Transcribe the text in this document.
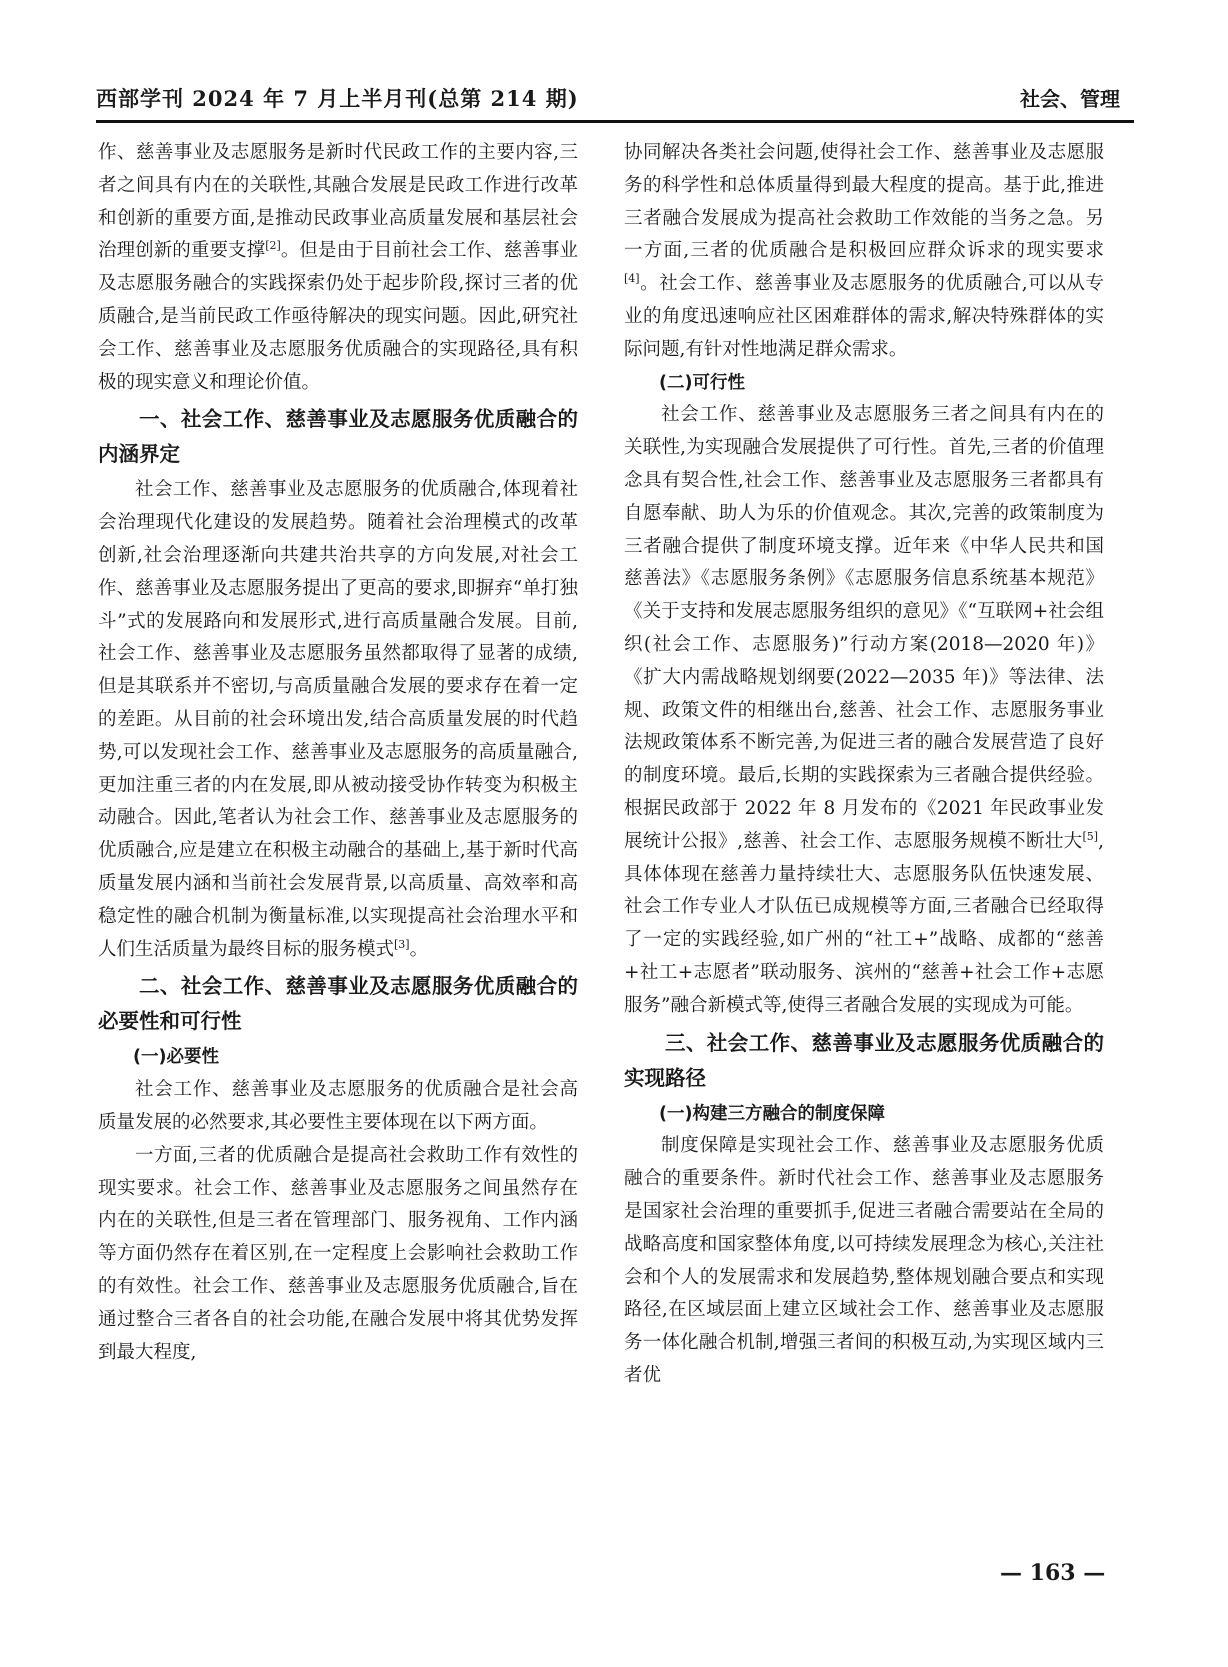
西部学刊 2024 年 7 月上半月刊(总第 214 期)	社会、管理

作、慈善事业及志愿服务是新时代民政工作的主要内容,三者之间具有内在的关联性,其融合发展是民政工作进行改革和创新的重要方面,是推动民政事业高质量发展和基层社会治理创新的重要支撑[2]。但是由于目前社会工作、慈善事业及志愿服务融合的实践探索仍处于起步阶段,探讨三者的优质融合,是当前民政工作亟待解决的现实问题。因此,研究社会工作、慈善事业及志愿服务优质融合的实现路径,具有积极的现实意义和理论价值。

一、社会工作、慈善事业及志愿服务优质融合的内涵界定

社会工作、慈善事业及志愿服务的优质融合,体现着社会治理现代化建设的发展趋势。随着社会治理模式的改革创新,社会治理逐渐向共建共治共享的方向发展,对社会工作、慈善事业及志愿服务提出了更高的要求,即摒弃“单打独斗”式的发展路向和发展形式,进行高质量融合发展。目前,社会工作、慈善事业及志愿服务虽然都取得了显著的成绩,但是其联系并不密切,与高质量融合发展的要求存在着一定的差距。从目前的社会环境出发,结合高质量发展的时代趋势,可以发现社会工作、慈善事业及志愿服务的高质量融合,更加注重三者的内在发展,即从被动接受协作转变为积极主动融合。因此,笔者认为社会工作、慈善事业及志愿服务的优质融合,应是建立在积极主动融合的基础上,基于新时代高质量发展内涵和当前社会发展背景,以高质量、高效率和高稳定性的融合机制为衡量标准,以实现提高社会治理水平和人们生活质量为最终目标的服务模式[3]。

二、社会工作、慈善事业及志愿服务优质融合的必要性和可行性
(一)必要性

社会工作、慈善事业及志愿服务的优质融合是社会高质量发展的必然要求,其必要性主要体现在以下两方面。

一方面,三者的优质融合是提高社会救助工作有效性的现实要求。社会工作、慈善事业及志愿服务之间虽然存在内在的关联性,但是三者在管理部门、服务视角、工作内涵等方面仍然存在着区别,在一定程度上会影响社会救助工作的有效性。社会工作、慈善事业及志愿服务优质融合,旨在通过整合三者各自的社会功能,在融合发展中将其优势发挥到最大程度,

协同解决各类社会问题,使得社会工作、慈善事业及志愿服务的科学性和总体质量得到最大程度的提高。基于此,推进三者融合发展成为提高社会救助工作效能的当务之急。另一方面,三者的优质融合是积极回应群众诉求的现实要求[4]。社会工作、慈善事业及志愿服务的优质融合,可以从专业的角度迅速响应社区困难群体的需求,解决特殊群体的实际问题,有针对性地满足群众需求。

(二)可行性

社会工作、慈善事业及志愿服务三者之间具有内在的关联性,为实现融合发展提供了可行性。首先,三者的价值理念具有契合性,社会工作、慈善事业及志愿服务三者都具有自愿奉献、助人为乐的价值观念。其次,完善的政策制度为三者融合提供了制度环境支撑。近年来《中华人民共和国慈善法》《志愿服务条例》《志愿服务信息系统基本规范》《关于支持和发展志愿服务组织的意见》《“互联网+社会组织(社会工作、志愿服务)”行动方案(2018—2020 年)》《扩大内需战略规划纲要(2022—2035 年)》等法律、法规、政策文件的相继出台,慈善、社会工作、志愿服务事业法规政策体系不断完善,为促进三者的融合发展营造了良好的制度环境。最后,长期的实践探索为三者融合提供经验。根据民政部于 2022 年 8 月发布的《2021 年民政事业发展统计公报》,慈善、社会工作、志愿服务规模不断壮大[5],具体体现在慈善力量持续壮大、志愿服务队伍快速发展、社会工作专业人才队伍已成规模等方面,三者融合已经取得了一定的实践经验,如广州的“社工+”战略、成都的“慈善+社工+志愿者”联动服务、滨州的“慈善+社会工作+志愿服务”融合新模式等,使得三者融合发展的实现成为可能。

三、社会工作、慈善事业及志愿服务优质融合的实现路径
(一)构建三方融合的制度保障

制度保障是实现社会工作、慈善事业及志愿服务优质融合的重要条件。新时代社会工作、慈善事业及志愿服务是国家社会治理的重要抓手,促进三者融合需要站在全局的战略高度和国家整体角度,以可持续发展理念为核心,关注社会和个人的发展需求和发展趋势,整体规划融合要点和实现路径,在区域层面上建立区域社会工作、慈善事业及志愿服务一体化融合机制,增强三者间的积极互动,为实现区域内三者优

— 163 —
